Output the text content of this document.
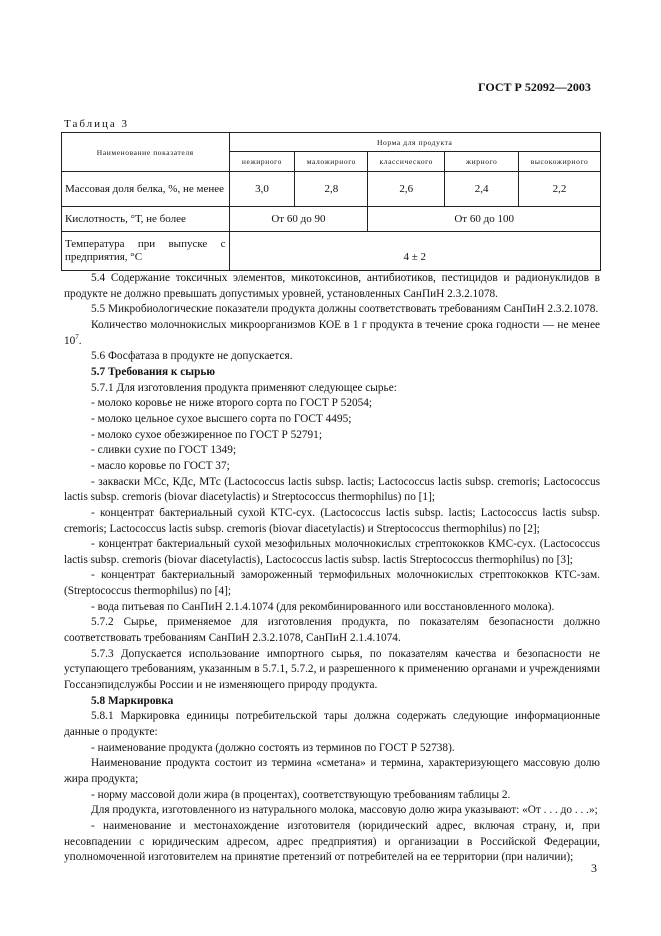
ГОСТ Р 52092—2003
Таблица 3
Наименование показателя	Норма для продукта				
	нежирного	маложирного	классического	жирного	высокожирного
Массовая доля белка, %, не менее	3,0	2,8	2,6	2,4	2,2
Кислотность, °Т, не более	От 60 до 90		От 60 до 100		
Температура при выпуске с предприятия, °С	4 ± 2				

5.4 Содержание токсичных элементов, микотоксинов, антибиотиков, пестицидов и радионуклидов в продукте не должно превышать допустимых уровней, установленных СанПиН 2.3.2.1078.

5.5 Микробиологические показатели продукта должны соответствовать требованиям СанПиН 2.3.2.1078.

Количество молочнокислых микроорганизмов КОЕ в 1 г продукта в течение срока годности — не менее $10^7$.

5.6 Фосфатаза в продукте не допускается.

5.7 Требования к сырью

5.7.1 Для изготовления продукта применяют следующее сырье:

- молоко коровье не ниже второго сорта по ГОСТ Р 52054;

- молоко цельное сухое высшего сорта по ГОСТ 4495;

- молоко сухое обезжиренное по ГОСТ Р 52791;

- сливки сухие по ГОСТ 1349;

- масло коровье по ГОСТ 37;

- закваски МСс, КДс, МТс (Lactococcus lactis subsp. lactis; Lactococcus lactis subsp. cremoris; Lactococcus lactis subsp. cremoris (biovar diacetylactis) и Streptococcus thermophilus) по [1];

- концентрат бактериальный сухой КТС-сух. (Lactococcus lactis subsp. lactis; Lactococcus lactis subsp. cremoris; Lactococcus lactis subsp. cremoris (biovar diacetylactis) и Streptococcus thermophilus) по [2];

- концентрат бактериальный сухой мезофильных молочнокислых стрептококков КМС-сух. (Lactococcus lactis subsp. cremoris (biovar diacetylactis), Lactococcus lactis subsp. lactis Streptococcus thermophilus) по [3];

- концентрат бактериальный замороженный термофильных молочнокислых стрептококков КТС-зам. (Streptococcus thermophilus) по [4];

- вода питьевая по СанПиН 2.1.4.1074 (для рекомбинированного или восстановленного молока).

5.7.2 Сырье, применяемое для изготовления продукта, по показателям безопасности должно соответствовать требованиям СанПиН 2.3.2.1078, СанПиН 2.1.4.1074.

5.7.3 Допускается использование импортного сырья, по показателям качества и безопасности не уступающего требованиям, указанным в 5.7.1, 5.7.2, и разрешенного к применению органами и учреждениями Госсанэпидслужбы России и не изменяющего природу продукта.

5.8 Маркировка

5.8.1 Маркировка единицы потребительской тары должна содержать следующие информационные данные о продукте:

- наименование продукта (должно состоять из терминов по ГОСТ Р 52738).

Наименование продукта состоит из термина «сметана» и термина, характеризующего массовую долю жира продукта;

- норму массовой доли жира (в процентах), соответствующую требованиям таблицы 2.

Для продукта, изготовленного из натурального молока, массовую долю жира указывают: «От . . . до . . .»;

- наименование и местонахождение изготовителя (юридический адрес, включая страну, и, при несовпадении с юридическим адресом, адрес предприятия) и организации в Российской Федерации, уполномоченной изготовителем на принятие претензий от потребителей на ее территории (при наличии);

3
